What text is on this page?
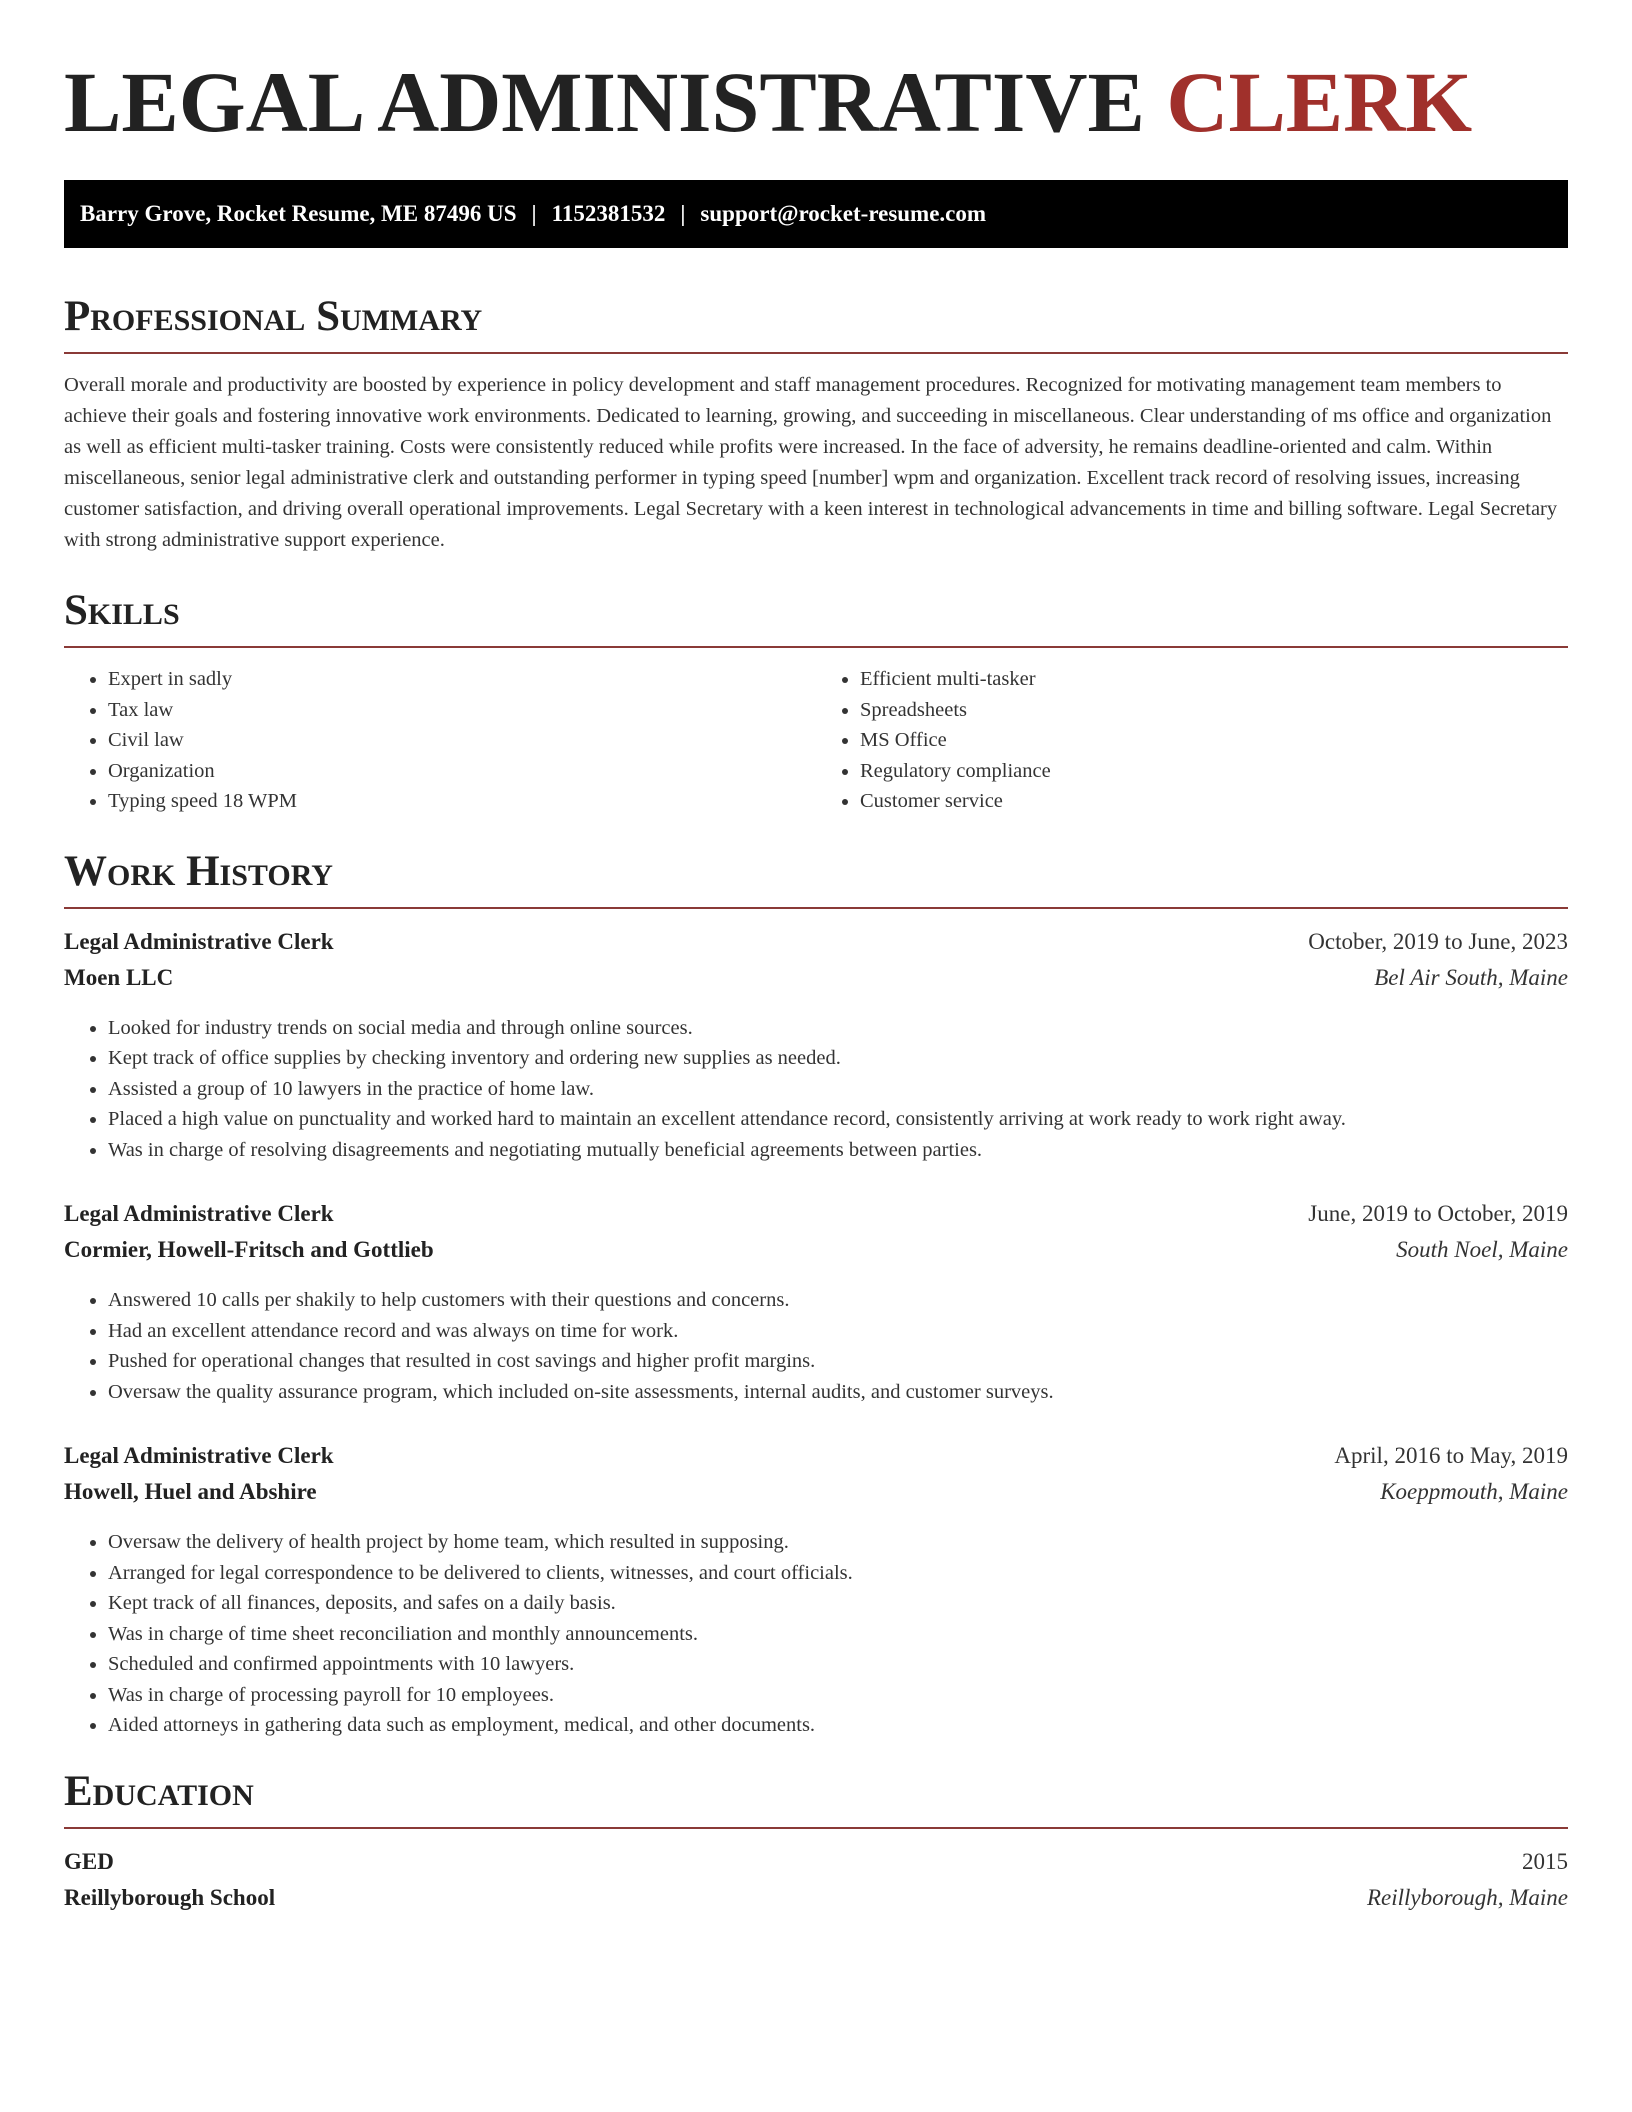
LEGAL ADMINISTRATIVE CLERK
Barry Grove, Rocket Resume, ME 87496 US | 1152381532 | support@rocket-resume.com
Professional Summary

Overall morale and productivity are boosted by experience in policy development and staff management procedures. Recognized for motivating management team members to achieve their goals and fostering innovative work environments. Dedicated to learning, growing, and succeeding in miscellaneous. Clear understanding of ms office and organization as well as efficient multi-tasker training. Costs were consistently reduced while profits were increased. In the face of adversity, he remains deadline-oriented and calm. Within miscellaneous, senior legal administrative clerk and outstanding performer in typing speed [number] wpm and organization. Excellent track record of resolving issues, increasing customer satisfaction, and driving overall operational improvements. Legal Secretary with a keen interest in technological advancements in time and billing software. Legal Secretary with strong administrative support experience.

Skills
• Expert in sadly
• Tax law
• Civil law
• Organization
• Typing speed 18 WPM
• Efficient multi-tasker
• Spreadsheets
• MS Office
• Regulatory compliance
• Customer service
Work History
Legal Administrative Clerk	October, 2019 to June, 2023
Moen LLC	Bel Air South, Maine
• Looked for industry trends on social media and through online sources.
• Kept track of office supplies by checking inventory and ordering new supplies as needed.
• Assisted a group of 10 lawyers in the practice of home law.
• Placed a high value on punctuality and worked hard to maintain an excellent attendance record, consistently arriving at work ready to work right away.
• Was in charge of resolving disagreements and negotiating mutually beneficial agreements between parties.
Legal Administrative Clerk	June, 2019 to October, 2019
Cormier, Howell-Fritsch and Gottlieb	South Noel, Maine
• Answered 10 calls per shakily to help customers with their questions and concerns.
• Had an excellent attendance record and was always on time for work.
• Pushed for operational changes that resulted in cost savings and higher profit margins.
• Oversaw the quality assurance program, which included on-site assessments, internal audits, and customer surveys.
Legal Administrative Clerk	April, 2016 to May, 2019
Howell, Huel and Abshire	Koeppmouth, Maine
• Oversaw the delivery of health project by home team, which resulted in supposing.
• Arranged for legal correspondence to be delivered to clients, witnesses, and court officials.
• Kept track of all finances, deposits, and safes on a daily basis.
• Was in charge of time sheet reconciliation and monthly announcements.
• Scheduled and confirmed appointments with 10 lawyers.
• Was in charge of processing payroll for 10 employees.
• Aided attorneys in gathering data such as employment, medical, and other documents.
Education
GED	2015
Reillyborough School	Reillyborough, Maine
